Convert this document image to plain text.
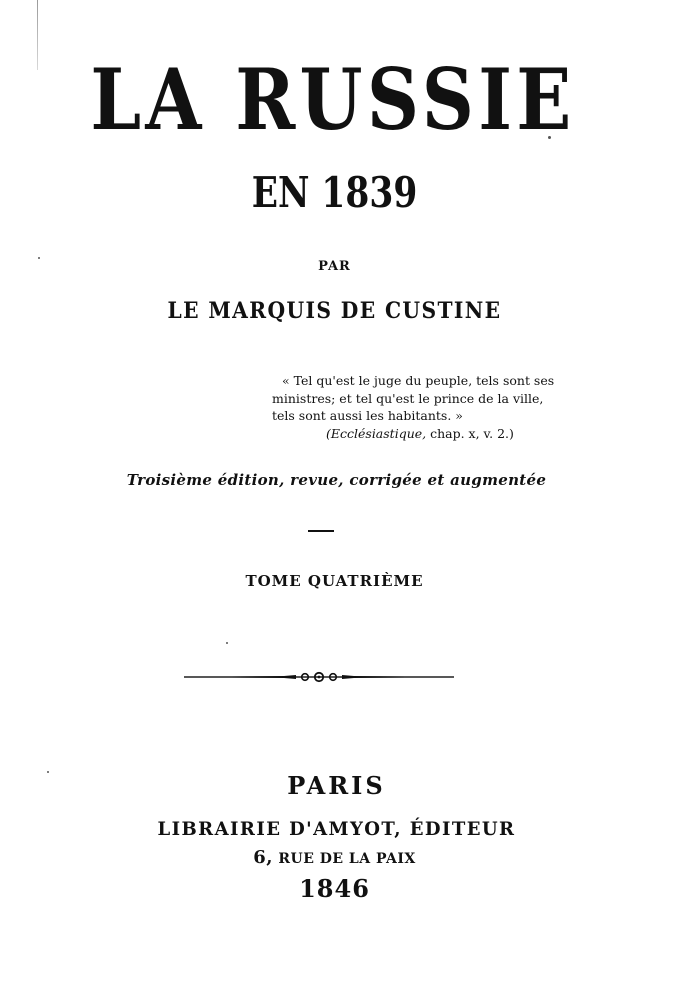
LA RUSSIE
EN 1839
PAR
LE MARQUIS DE CUSTINE
« Tel qu'est le juge du peuple, tels sont ses
ministres; et tel qu'est le prince de la ville,
tels sont aussi les habitants. »
(Ecclésiastique, chap. x, v. 2.)
Troisième édition, revue, corrigée et augmentée
TOME QUATRIÈME
PARIS
LIBRAIRIE D'AMYOT, ÉDITEUR
6, RUE DE LA PAIX
1846
